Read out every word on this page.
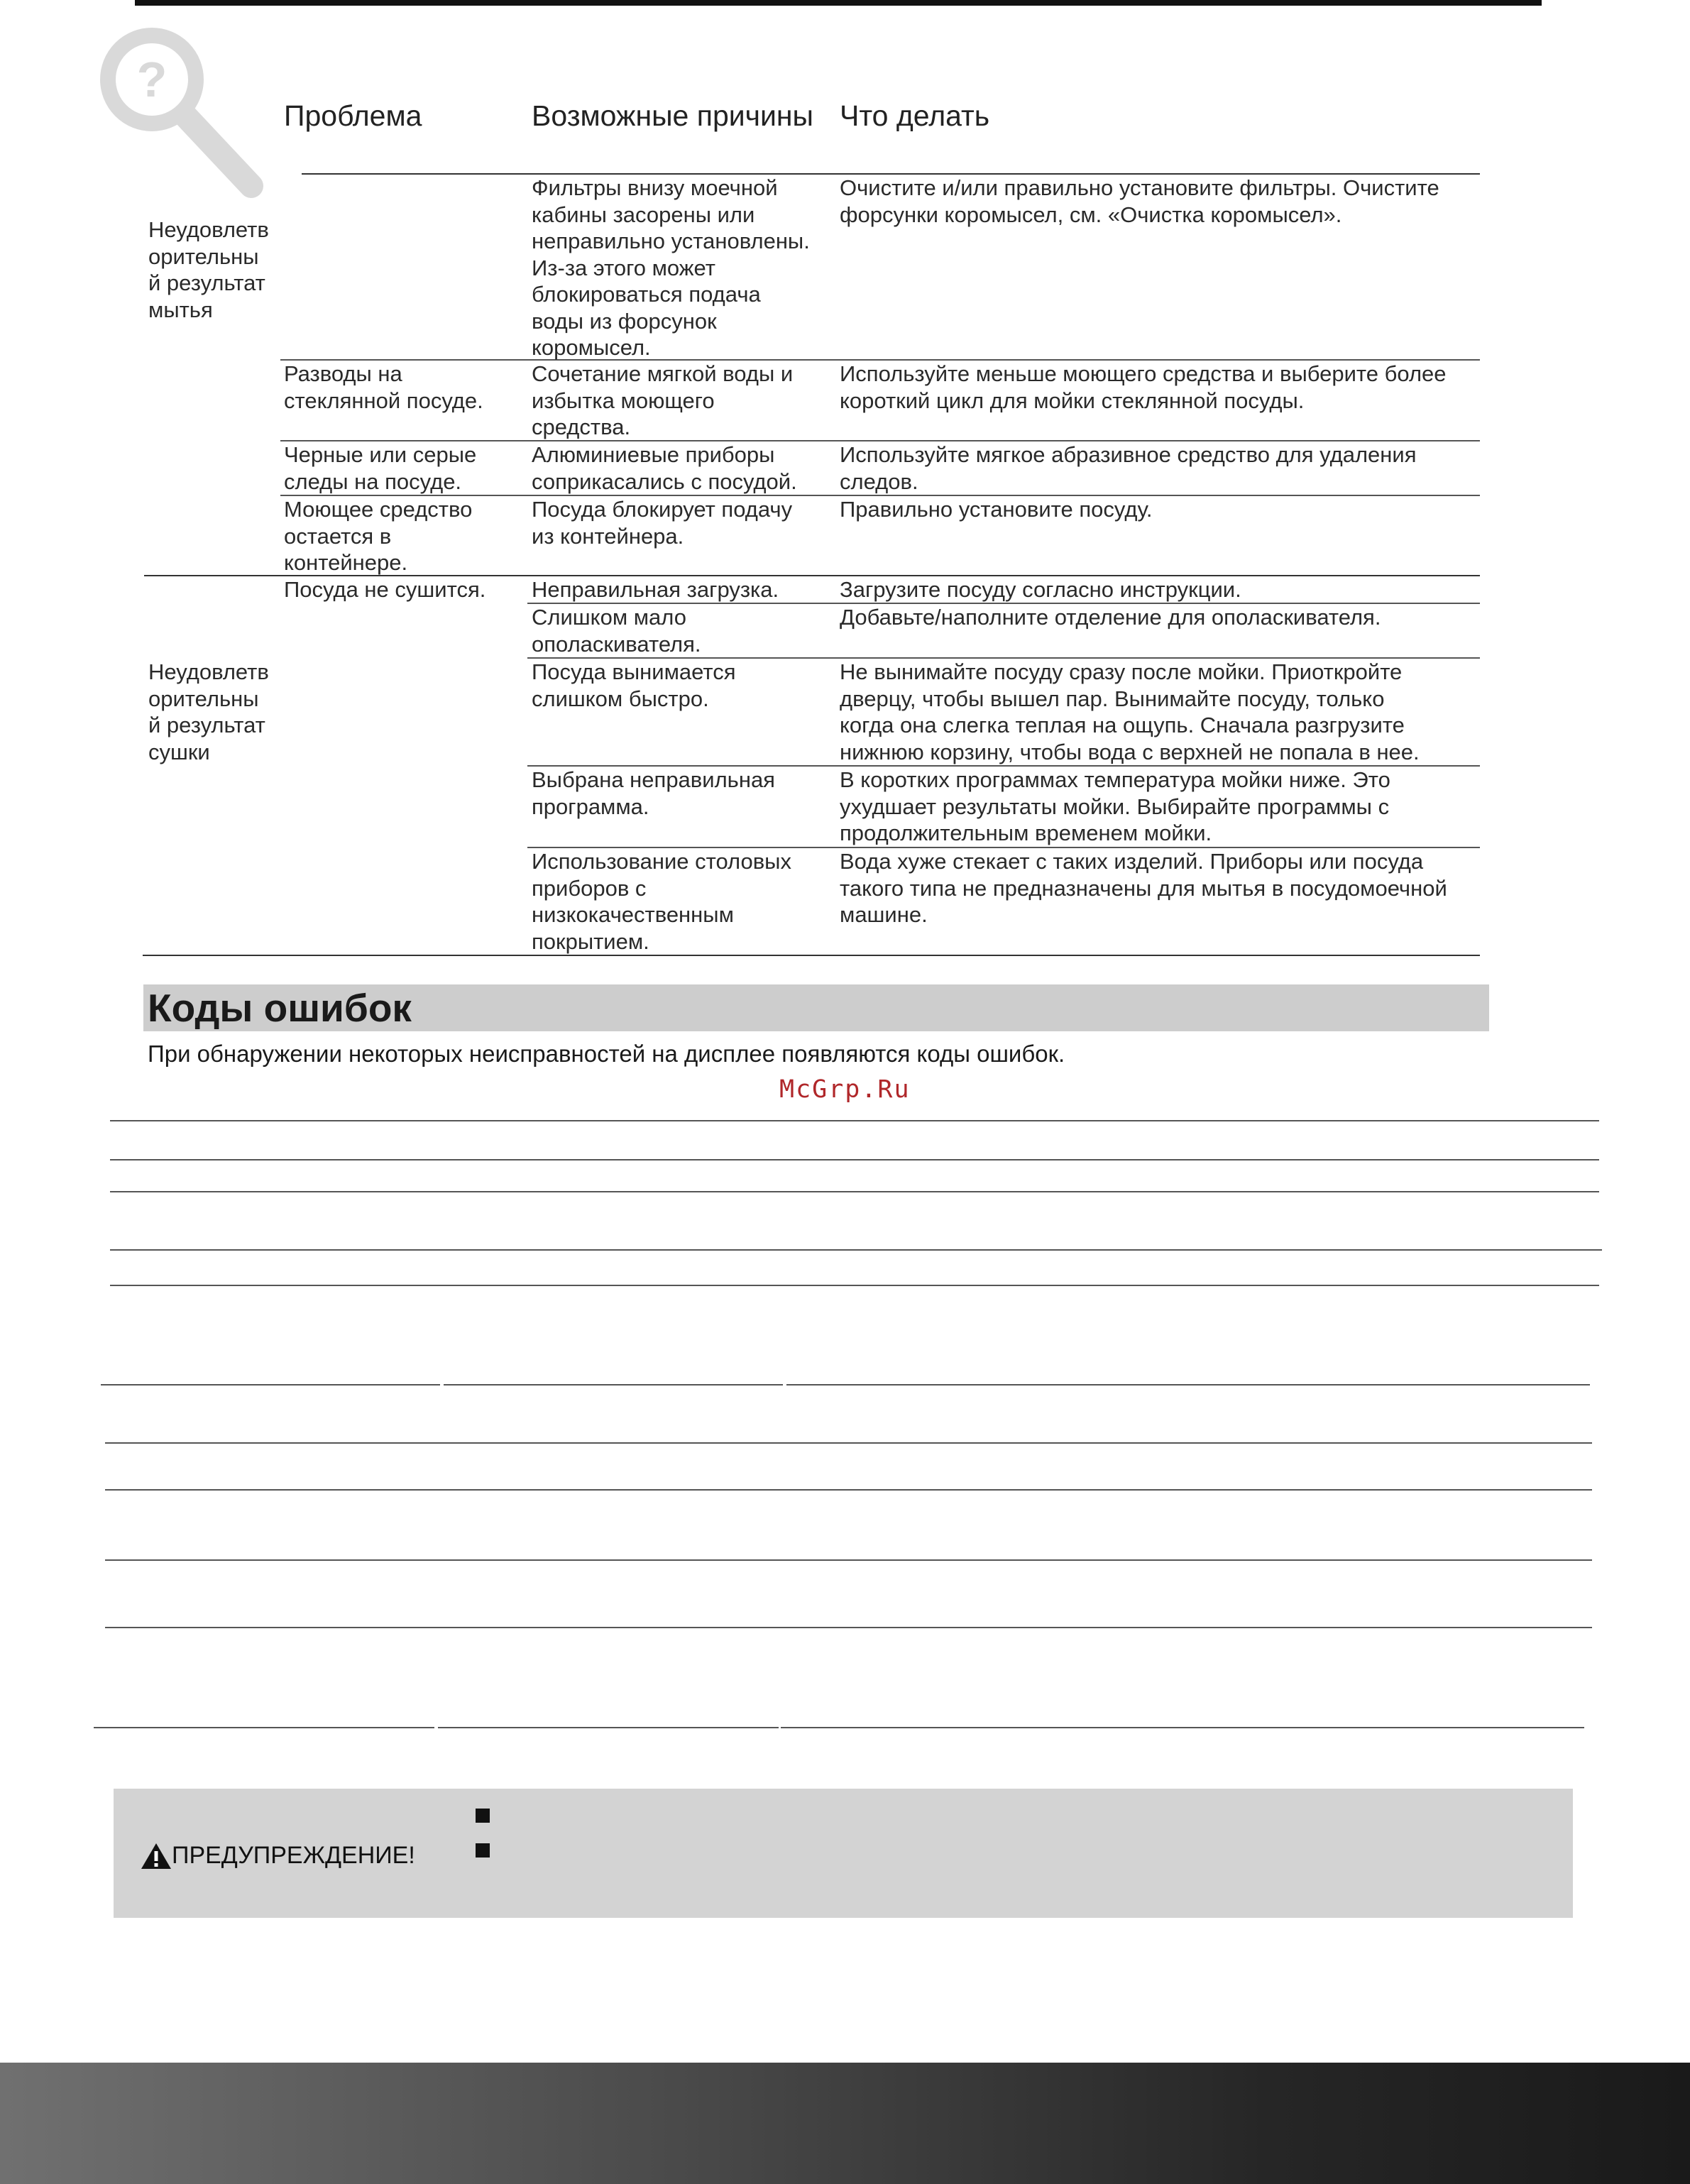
?
Проблема	Возможные причины Что делать
Неудовлетв
орительны
й результат
мытья
Неудовлетв
орительны
й результат
сушки
Фильтры внизу моечной
кабины засорены или
неправильно установлены.
Из-за этого может
блокироваться подача
воды из форсунок
коромысел.
Очистите и/или правильно установите фильтры. Очистите
форсунки коромысел, см. «Очистка коромысел».
Разводы на
стеклянной посуде.
Сочетание мягкой воды и
избытка моющего
средства.
Используйте меньше моющего средства и выберите более
короткий цикл для мойки стеклянной посуды.
Черные или серые
следы на посуде.
Алюминиевые приборы
соприкасались с посудой.
Используйте мягкое абразивное средство для удаления
следов.
Моющее средство
остается в
контейнере.
Посуда блокирует подачу
из контейнера.
Правильно установите посуду.
Посуда не сушится. Неправильная загрузка.	Загрузите посуду согласно инструкции.
Слишком мало
ополаскивателя.
Добавьте/наполните отделение для ополаскивателя.
Посуда вынимается
слишком быстро.
Не вынимайте посуду сразу после мойки. Приоткройте
дверцу, чтобы вышел пар. Вынимайте посуду, только
когда она слегка теплая на ощупь. Сначала разгрузите
нижнюю корзину, чтобы вода с верхней не попала в нее.
Выбрана неправильная
программа.
В коротких программах температура мойки ниже. Это
ухудшает результаты мойки. Выбирайте программы с
продолжительным временем мойки.
Использование столовых
приборов с
низкокачественным
покрытием.
Вода хуже стекает с таких изделий. Приборы или посуда
такого типа не предназначены для мытья в посудомоечной
машине.
Коды ошибок
При обнаружении некоторых неисправностей на дисплее появляются коды ошибок.
McGrp.Ru
ПРЕДУПРЕЖДЕНИЕ!
